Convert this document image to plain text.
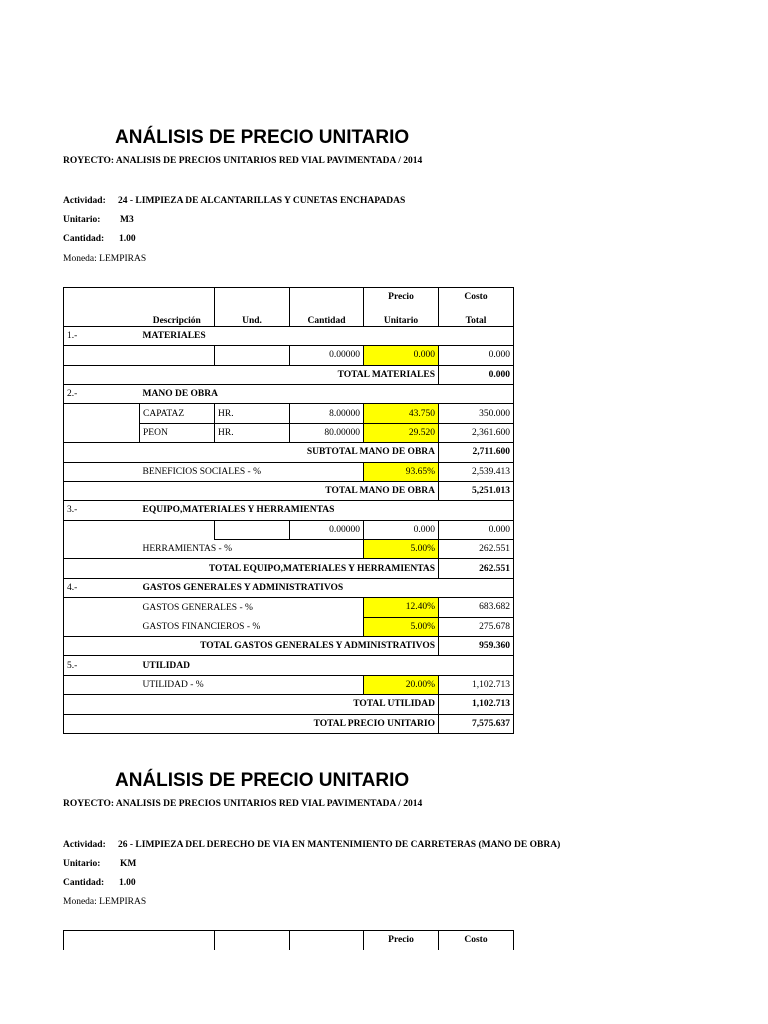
ANÁLISIS DE PRECIO UNITARIO
ROYECTO: ANALISIS DE PRECIOS UNITARIOS RED VIAL PAVIMENTADA / 2014
Actividad: 24 - LIMPIEZA DE ALCANTARILLAS Y CUNETAS ENCHAPADAS
Unitario: M3
Cantidad: 1.00
Moneda: LEMPIRAS
				Precio	Costo
	Descripción	Und.	Cantidad	Unitario	Total
1.-	MATERIALES				
			0.00000	0.000	0.000
TOTAL MATERIALES					0.000
2.-	MANO DE OBRA				
	CAPATAZ	HR.	8.00000	43.750	350.000
	PEON	HR.	80.00000	29.520	2,361.600
SUBTOTAL MANO DE OBRA					2,711.600
	BENEFICIOS SOCIALES - %			93.65%	2,539.413
TOTAL MANO DE OBRA					5,251.013
3.-	EQUIPO,MATERIALES Y HERRAMIENTAS				
			0.00000	0.000	0.000
	HERRAMIENTAS - %			5.00%	262.551
TOTAL EQUIPO,MATERIALES Y HERRAMIENTAS					262.551
4.-	GASTOS GENERALES Y ADMINISTRATIVOS				
	GASTOS GENERALES - %			12.40%	683.682
	GASTOS FINANCIEROS - %			5.00%	275.678
TOTAL GASTOS GENERALES Y ADMINISTRATIVOS					959.360
5.-	UTILIDAD				
	UTILIDAD - %			20.00%	1,102.713
TOTAL UTILIDAD					1,102.713
TOTAL PRECIO UNITARIO					7,575.637
ANÁLISIS DE PRECIO UNITARIO
ROYECTO: ANALISIS DE PRECIOS UNITARIOS RED VIAL PAVIMENTADA / 2014
Actividad: 26 - LIMPIEZA DEL DERECHO DE VIA EN MANTENIMIENTO DE CARRETERAS (MANO DE OBRA)
Unitario: KM
Cantidad: 1.00
Moneda: LEMPIRAS
				Precio	Costo
